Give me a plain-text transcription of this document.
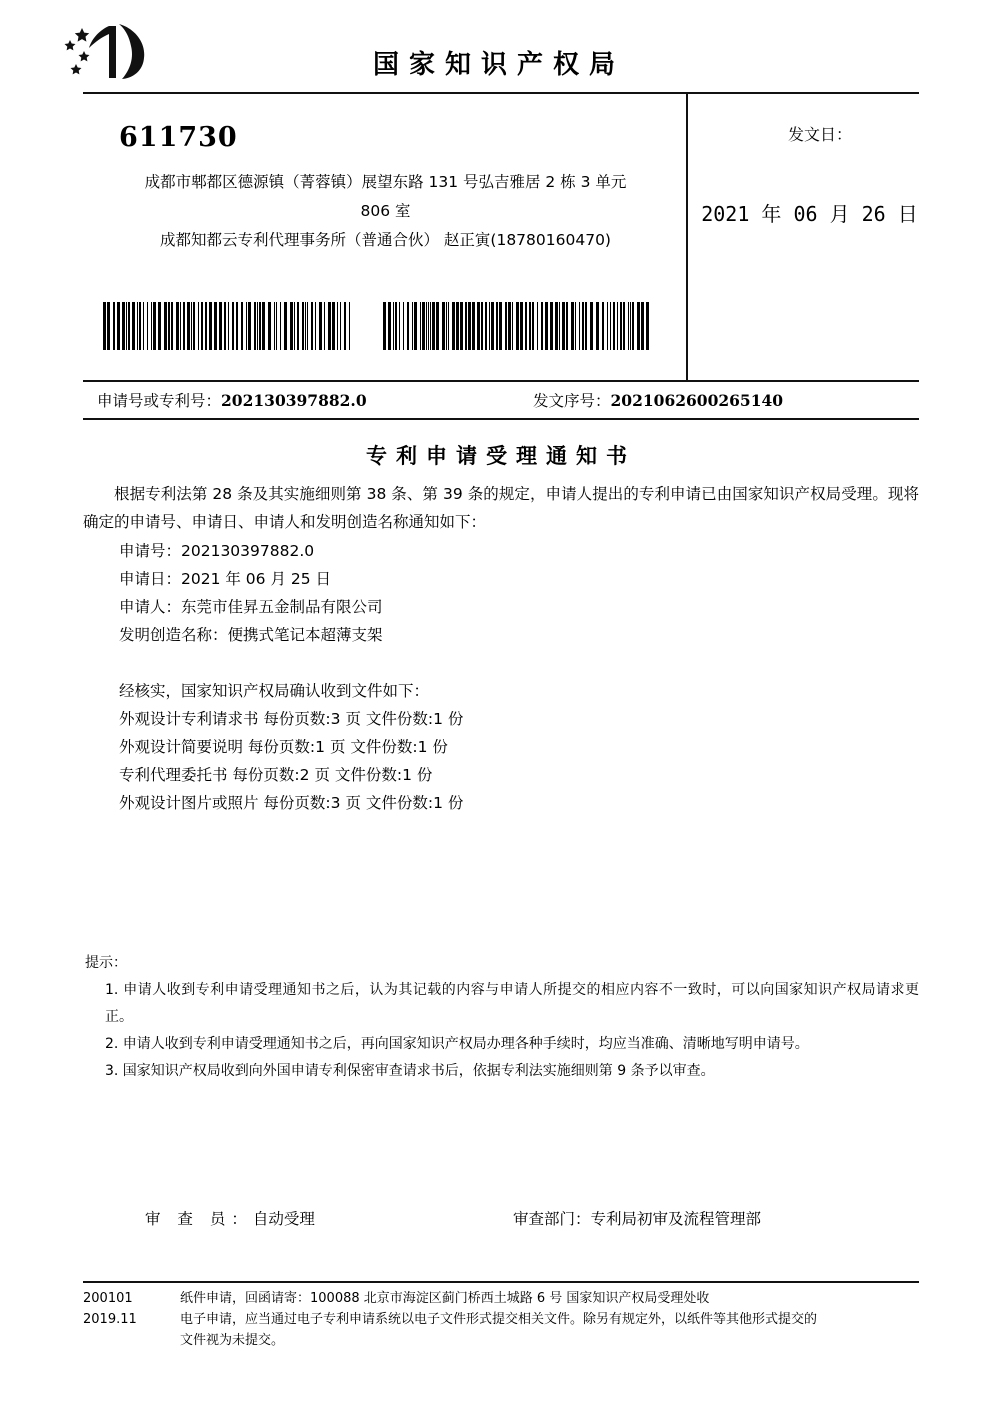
国家知识产权局
611730
成都市郫都区德源镇（菁蓉镇）展望东路 131 号弘吉雅居 2 栋 3 单元
806 室
成都知都云专利代理事务所（普通合伙） 赵正寅(18780160470)
发文日：
2021 年 06 月 26 日
申请号或专利号：202130397882.0	发文序号：2021062600265140
专利申请受理通知书
根据专利法第 28 条及其实施细则第 38 条、第 39 条的规定，申请人提出的专利申请已由国家知识产权局受理。现将确定的申请号、申请日、申请人和发明创造名称通知如下：
申请号：202130397882.0
申请日：2021 年 06 月 25 日
申请人：东莞市佳昇五金制品有限公司
发明创造名称：便携式笔记本超薄支架
经核实，国家知识产权局确认收到文件如下：
外观设计专利请求书 每份页数:3 页 文件份数:1 份
外观设计简要说明 每份页数:1 页 文件份数:1 份
专利代理委托书 每份页数:2 页 文件份数:1 份
外观设计图片或照片 每份页数:3 页 文件份数:1 份
提示：
1. 申请人收到专利申请受理通知书之后，认为其记载的内容与申请人所提交的相应内容不一致时，可以向国家知识产权局请求更正。
2. 申请人收到专利申请受理通知书之后，再向国家知识产权局办理各种手续时，均应当准确、清晰地写明申请号。
3. 国家知识产权局收到向外国申请专利保密审查请求书后，依据专利法实施细则第 9 条予以审查。
审 查 员：自动受理	审查部门：专利局初审及流程管理部
200101
2019.11
纸件申请，回函请寄：100088 北京市海淀区蓟门桥西土城路 6 号 国家知识产权局受理处收
电子申请，应当通过电子专利申请系统以电子文件形式提交相关文件。除另有规定外，以纸件等其他形式提交的
文件视为未提交。
